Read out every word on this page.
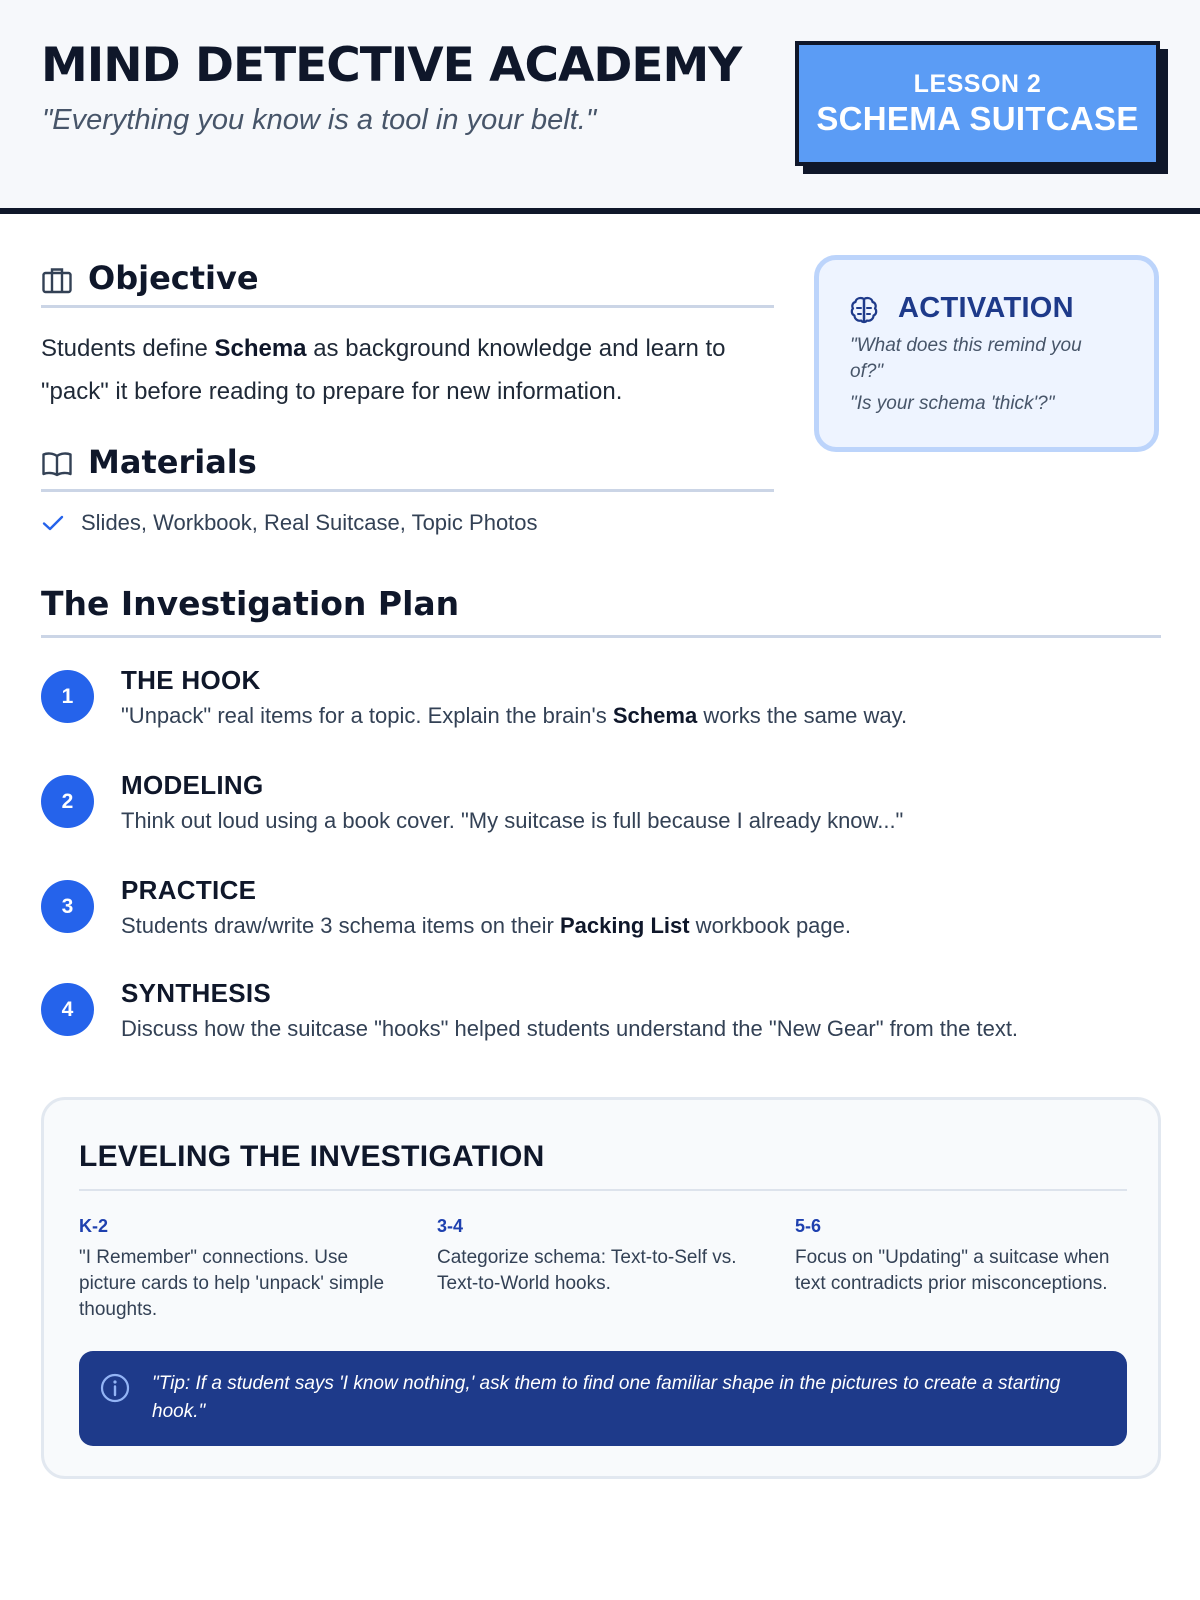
MIND DETECTIVE ACADEMY
"Everything you know is a tool in your belt."
LESSON 2
SCHEMA SUITCASE
Objective
Students define Schema as background knowledge and learn to "pack" it before reading to prepare for new information.
Materials
Slides, Workbook, Real Suitcase, Topic Photos
ACTIVATION
"What does this remind you of?"
"Is your schema 'thick'?"
The Investigation Plan
1
THE HOOK
"Unpack" real items for a topic. Explain the brain's Schema works the same way.
2
MODELING
Think out loud using a book cover. "My suitcase is full because I already know..."
3
PRACTICE
Students draw/write 3 schema items on their Packing List workbook page.
4
SYNTHESIS
Discuss how the suitcase "hooks" helped students understand the "New Gear" from the text.
LEVELING THE INVESTIGATION
K-2
"I Remember" connections. Use picture cards to help 'unpack' simple thoughts.
3-4
Categorize schema: Text-to-Self vs. Text-to-World hooks.
5-6
Focus on "Updating" a suitcase when text contradicts prior misconceptions.
"Tip: If a student says 'I know nothing,' ask them to find one familiar shape in the pictures to create a starting hook."
